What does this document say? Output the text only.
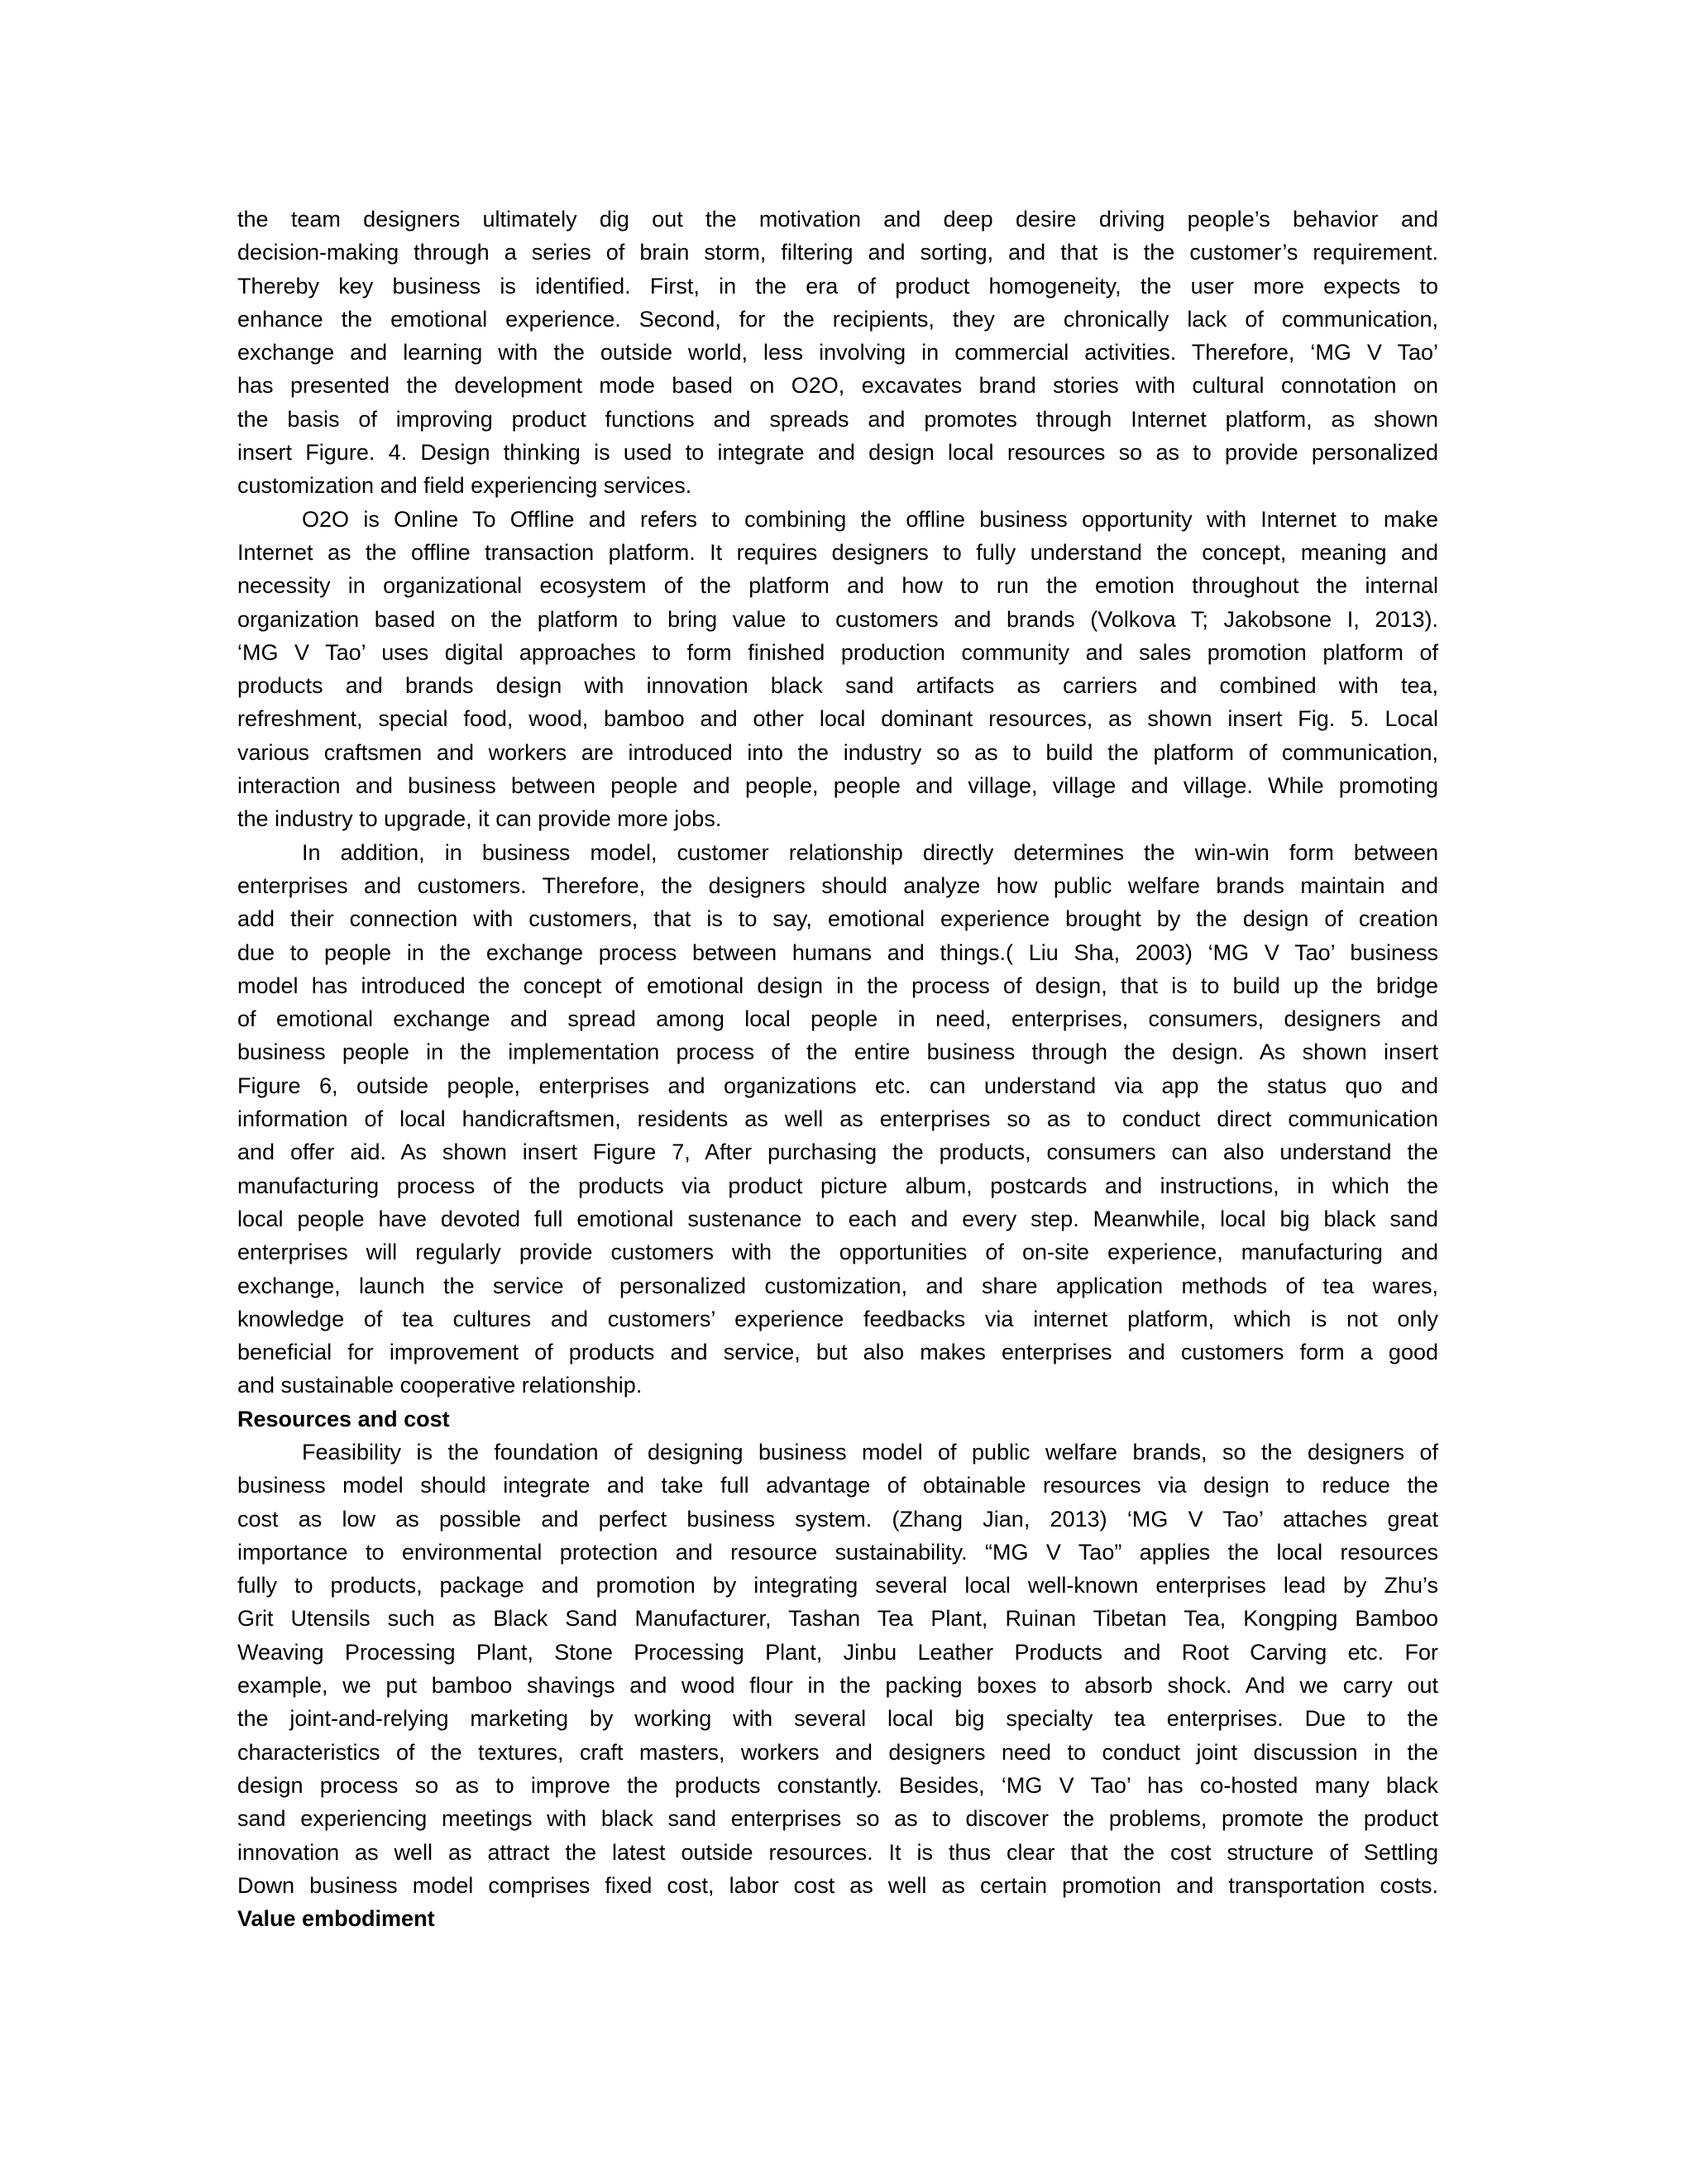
the team designers ultimately dig out the motivation and deep desire driving people’s behavior and
decision-making through a series of brain storm, filtering and sorting, and that is the customer’s requirement.
Thereby key business is identified. First, in the era of product homogeneity, the user more expects to
enhance the emotional experience. Second, for the recipients, they are chronically lack of communication,
exchange and learning with the outside world, less involving in commercial activities. Therefore, ‘MG V Tao’
has presented the development mode based on O2O, excavates brand stories with cultural connotation on
the basis of improving product functions and spreads and promotes through Internet platform, as shown
insert Figure. 4. Design thinking is used to integrate and design local resources so as to provide personalized
customization and field experiencing services.
O2O is Online To Offline and refers to combining the offline business opportunity with Internet to make
Internet as the offline transaction platform. It requires designers to fully understand the concept, meaning and
necessity in organizational ecosystem of the platform and how to run the emotion throughout the internal
organization based on the platform to bring value to customers and brands (Volkova T; Jakobsone I, 2013).
‘MG V Tao’ uses digital approaches to form finished production community and sales promotion platform of
products and brands design with innovation black sand artifacts as carriers and combined with tea,
refreshment, special food, wood, bamboo and other local dominant resources, as shown insert Fig. 5. Local
various craftsmen and workers are introduced into the industry so as to build the platform of communication,
interaction and business between people and people, people and village, village and village. While promoting
the industry to upgrade, it can provide more jobs.
In addition, in business model, customer relationship directly determines the win-win form between
enterprises and customers. Therefore, the designers should analyze how public welfare brands maintain and
add their connection with customers, that is to say, emotional experience brought by the design of creation
due to people in the exchange process between humans and things.( Liu Sha, 2003) ‘MG V Tao’ business
model has introduced the concept of emotional design in the process of design, that is to build up the bridge
of emotional exchange and spread among local people in need, enterprises, consumers, designers and
business people in the implementation process of the entire business through the design. As shown insert
Figure 6, outside people, enterprises and organizations etc. can understand via app the status quo and
information of local handicraftsmen, residents as well as enterprises so as to conduct direct communication
and offer aid. As shown insert Figure 7, After purchasing the products, consumers can also understand the
manufacturing process of the products via product picture album, postcards and instructions, in which the
local people have devoted full emotional sustenance to each and every step. Meanwhile, local big black sand
enterprises will regularly provide customers with the opportunities of on-site experience, manufacturing and
exchange, launch the service of personalized customization, and share application methods of tea wares,
knowledge of tea cultures and customers’ experience feedbacks via internet platform, which is not only
beneficial for improvement of products and service, but also makes enterprises and customers form a good
and sustainable cooperative relationship.
Resources and cost
Feasibility is the foundation of designing business model of public welfare brands, so the designers of
business model should integrate and take full advantage of obtainable resources via design to reduce the
cost as low as possible and perfect business system. (Zhang Jian, 2013) ‘MG V Tao’ attaches great
importance to environmental protection and resource sustainability. “MG V Tao” applies the local resources
fully to products, package and promotion by integrating several local well-known enterprises lead by Zhu’s
Grit Utensils such as Black Sand Manufacturer, Tashan Tea Plant, Ruinan Tibetan Tea, Kongping Bamboo
Weaving Processing Plant, Stone Processing Plant, Jinbu Leather Products and Root Carving etc. For
example, we put bamboo shavings and wood flour in the packing boxes to absorb shock. And we carry out
the joint-and-relying marketing by working with several local big specialty tea enterprises. Due to the
characteristics of the textures, craft masters, workers and designers need to conduct joint discussion in the
design process so as to improve the products constantly. Besides, ‘MG V Tao’ has co-hosted many black
sand experiencing meetings with black sand enterprises so as to discover the problems, promote the product
innovation as well as attract the latest outside resources. It is thus clear that the cost structure of Settling
Down business model comprises fixed cost, labor cost as well as certain promotion and transportation costs.
Value embodiment
